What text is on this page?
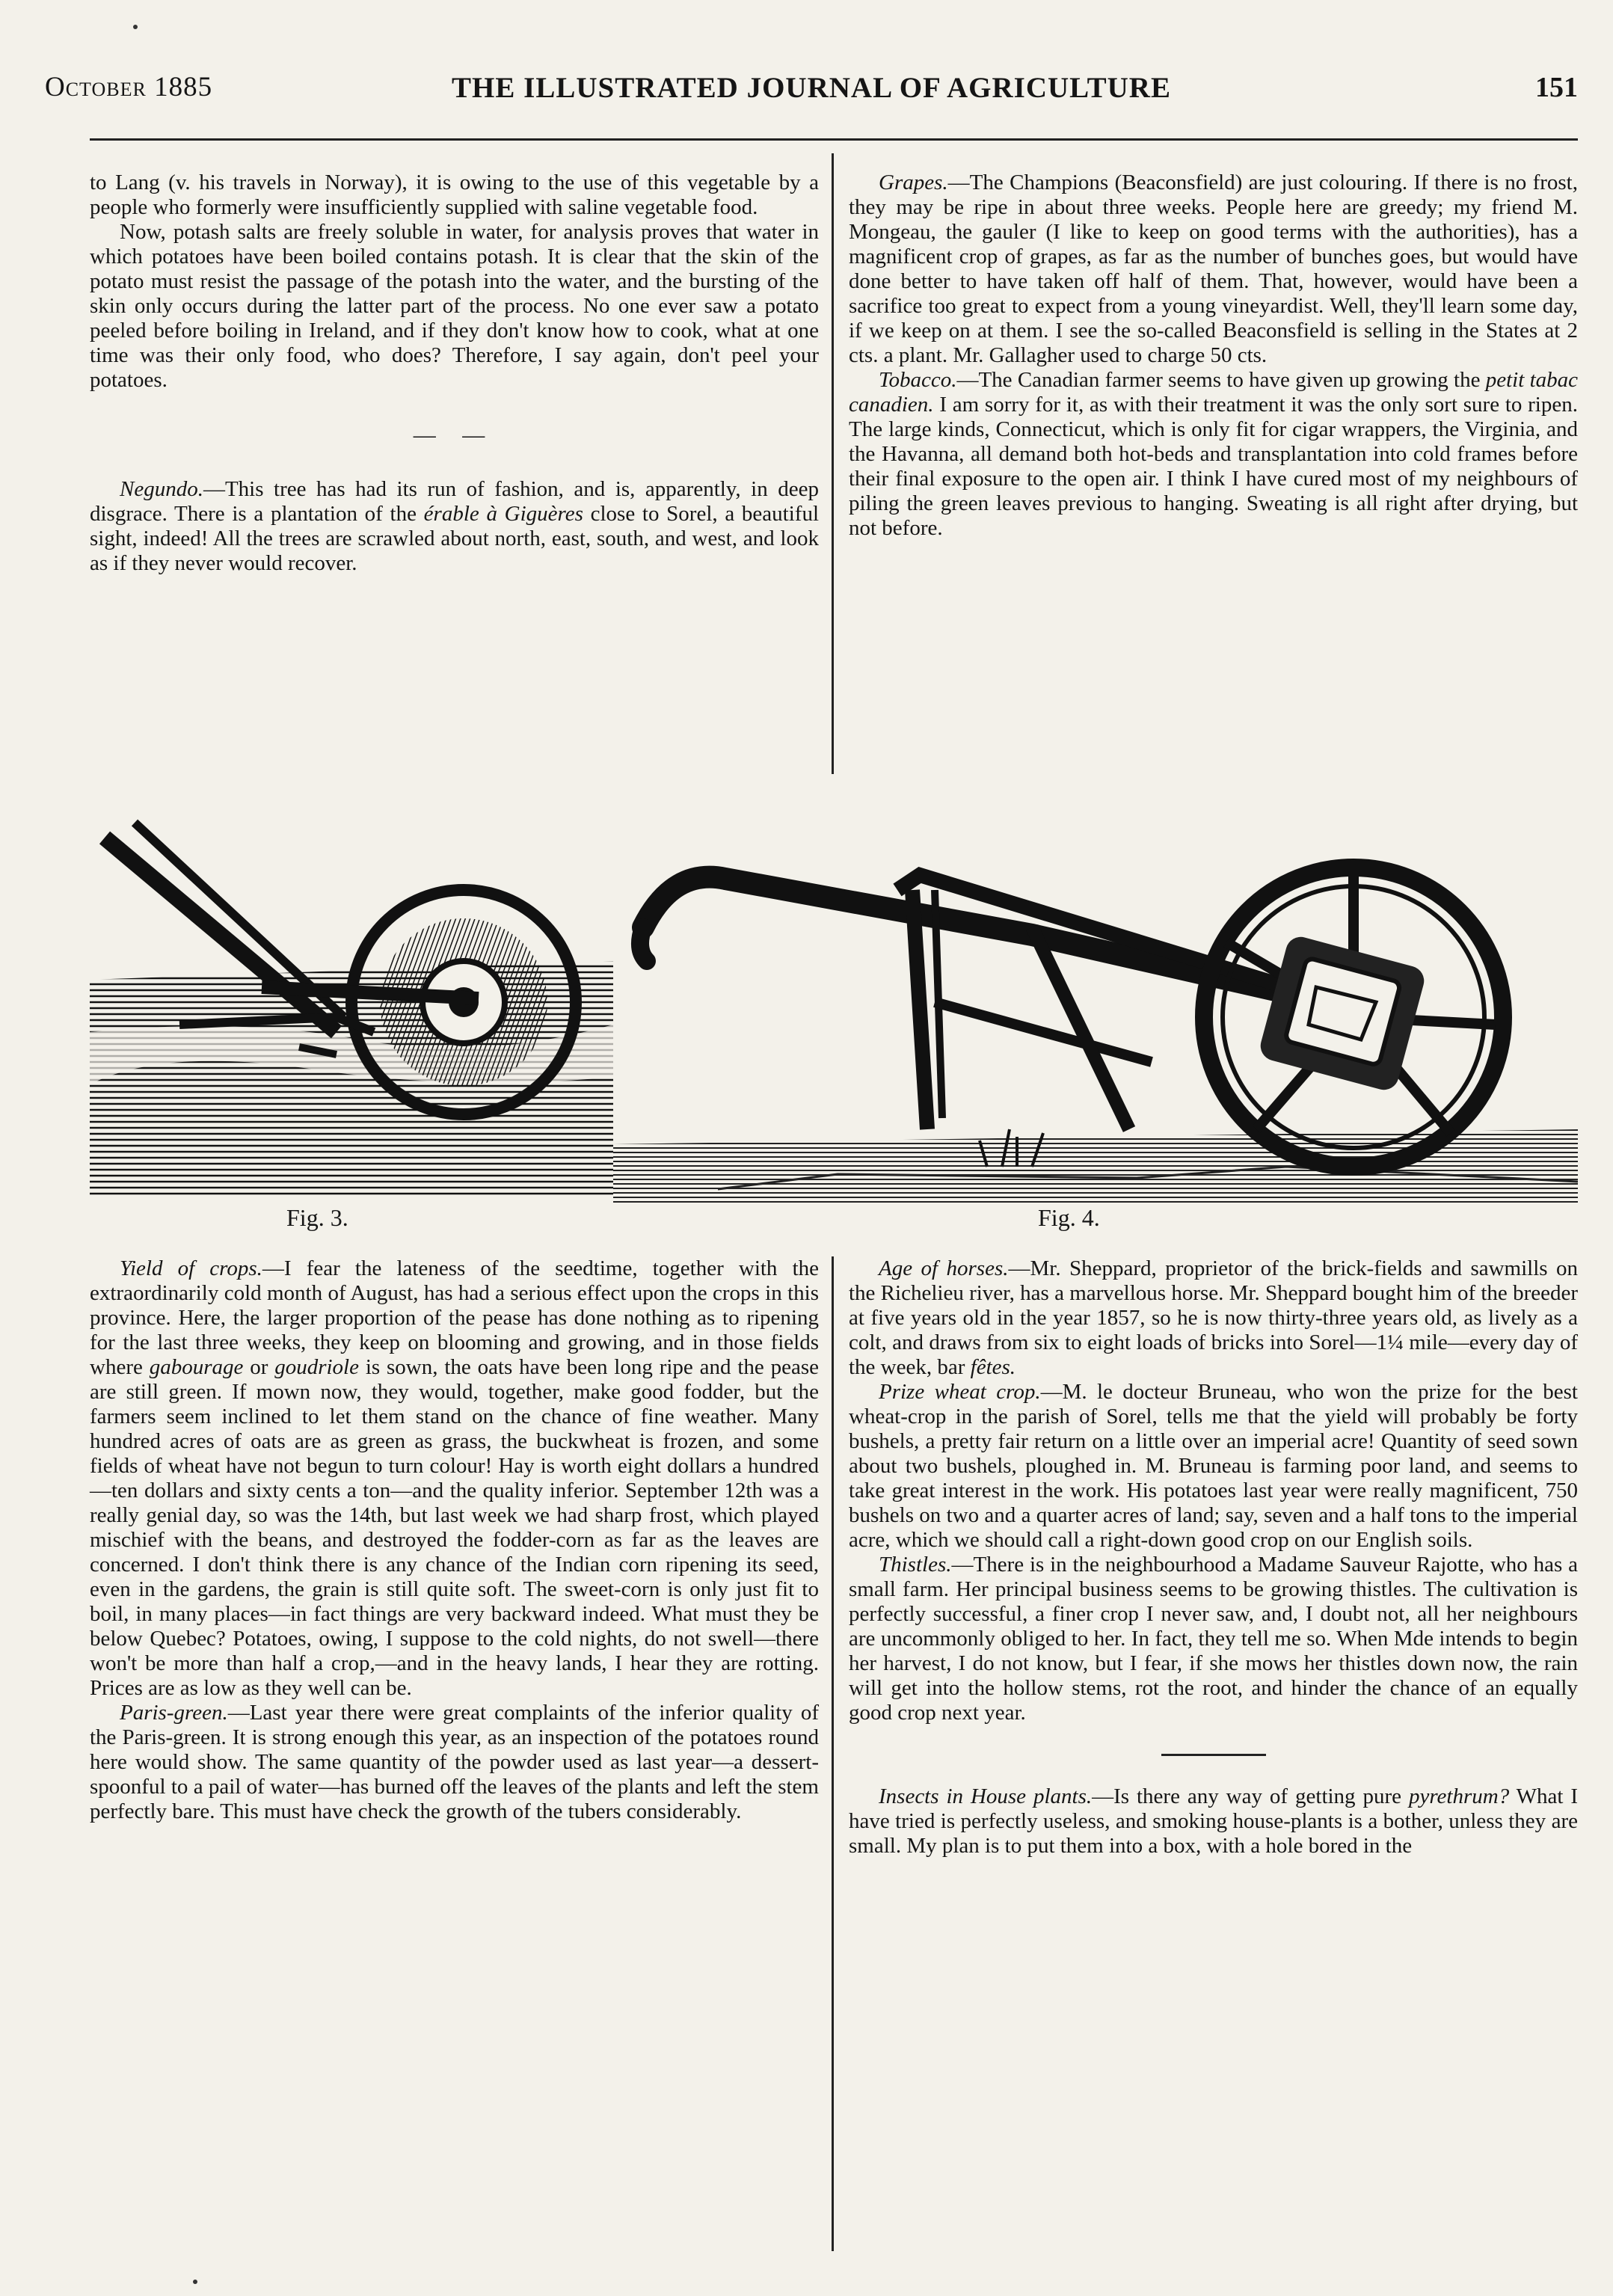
October 1885	THE ILLUSTRATED JOURNAL OF AGRICULTURE	151

to Lang (v. his travels in Norway), it is owing to the use of this vegetable by a people who formerly were insufficiently supplied with saline vegetable food.

Now, potash salts are freely soluble in water, for analysis proves that water in which potatoes have been boiled contains potash. It is clear that the skin of the potato must resist the passage of the potash into the water, and the bursting of the skin only occurs during the latter part of the process. No one ever saw a potato peeled before boiling in Ireland, and if they don't know how to cook, what at one time was their only food, who does? Therefore, I say again, don't peel your potatoes.

— —

Negundo.—This tree has had its run of fashion, and is, apparently, in deep disgrace. There is a plantation of the érable à Giguères close to Sorel, a beautiful sight, indeed! All the trees are scrawled about north, east, south, and west, and look as if they never would recover.

Grapes.—The Champions (Beaconsfield) are just colouring. If there is no frost, they may be ripe in about three weeks. People here are greedy; my friend M. Mongeau, the gauler (I like to keep on good terms with the authorities), has a magnificent crop of grapes, as far as the number of bunches goes, but would have done better to have taken off half of them. That, however, would have been a sacrifice too great to expect from a young vineyardist. Well, they'll learn some day, if we keep on at them. I see the so-called Beaconsfield is selling in the States at 2 cts. a plant. Mr. Gallagher used to charge 50 cts.

Tobacco.—The Canadian farmer seems to have given up growing the petit tabac canadien. I am sorry for it, as with their treatment it was the only sort sure to ripen. The large kinds, Connecticut, which is only fit for cigar wrappers, the Virginia, and the Havanna, all demand both hot-beds and transplantation into cold frames before their final exposure to the open air. I think I have cured most of my neighbours of piling the green leaves previous to hanging. Sweating is all right after drying, but not before.

Fig. 3.	Fig. 4.

Yield of crops.—I fear the lateness of the seedtime, together with the extraordinarily cold month of August, has had a serious effect upon the crops in this province. Here, the larger proportion of the pease has done nothing as to ripening for the last three weeks, they keep on blooming and growing, and in those fields where gabourage or goudriole is sown, the oats have been long ripe and the pease are still green. If mown now, they would, together, make good fodder, but the farmers seem inclined to let them stand on the chance of fine weather. Many hundred acres of oats are as green as grass, the buckwheat is frozen, and some fields of wheat have not begun to turn colour! Hay is worth eight dollars a hundred—ten dollars and sixty cents a ton—and the quality inferior. September 12th was a really genial day, so was the 14th, but last week we had sharp frost, which played mischief with the beans, and destroyed the fodder-corn as far as the leaves are concerned. I don't think there is any chance of the Indian corn ripening its seed, even in the gardens, the grain is still quite soft. The sweet-corn is only just fit to boil, in many places—in fact things are very backward indeed. What must they be below Quebec? Potatoes, owing, I suppose to the cold nights, do not swell—there won't be more than half a crop,—and in the heavy lands, I hear they are rotting. Prices are as low as they well can be.

Paris-green.—Last year there were great complaints of the inferior quality of the Paris-green. It is strong enough this year, as an inspection of the potatoes round here would show. The same quantity of the powder used as last year—a dessert-spoonful to a pail of water—has burned off the leaves of the plants and left the stem perfectly bare. This must have check the growth of the tubers considerably.

Age of horses.—Mr. Sheppard, proprietor of the brick-fields and sawmills on the Richelieu river, has a marvellous horse. Mr. Sheppard bought him of the breeder at five years old in the year 1857, so he is now thirty-three years old, as lively as a colt, and draws from six to eight loads of bricks into Sorel—1¼ mile—every day of the week, bar fêtes.

Prize wheat crop.—M. le docteur Bruneau, who won the prize for the best wheat-crop in the parish of Sorel, tells me that the yield will probably be forty bushels, a pretty fair return on a little over an imperial acre! Quantity of seed sown about two bushels, ploughed in. M. Bruneau is farming poor land, and seems to take great interest in the work. His potatoes last year were really magnificent, 750 bushels on two and a quarter acres of land; say, seven and a half tons to the imperial acre, which we should call a right-down good crop on our English soils.

Thistles.—There is in the neighbourhood a Madame Sauveur Rajotte, who has a small farm. Her principal business seems to be growing thistles. The cultivation is perfectly successful, a finer crop I never saw, and, I doubt not, all her neighbours are uncommonly obliged to her. In fact, they tell me so. When Mde intends to begin her harvest, I do not know, but I fear, if she mows her thistles down now, the rain will get into the hollow stems, rot the root, and hinder the chance of an equally good crop next year.

Insects in House plants.—Is there any way of getting pure pyrethrum? What I have tried is perfectly useless, and smoking house-plants is a bother, unless they are small. My plan is to put them into a box, with a hole bored in the
